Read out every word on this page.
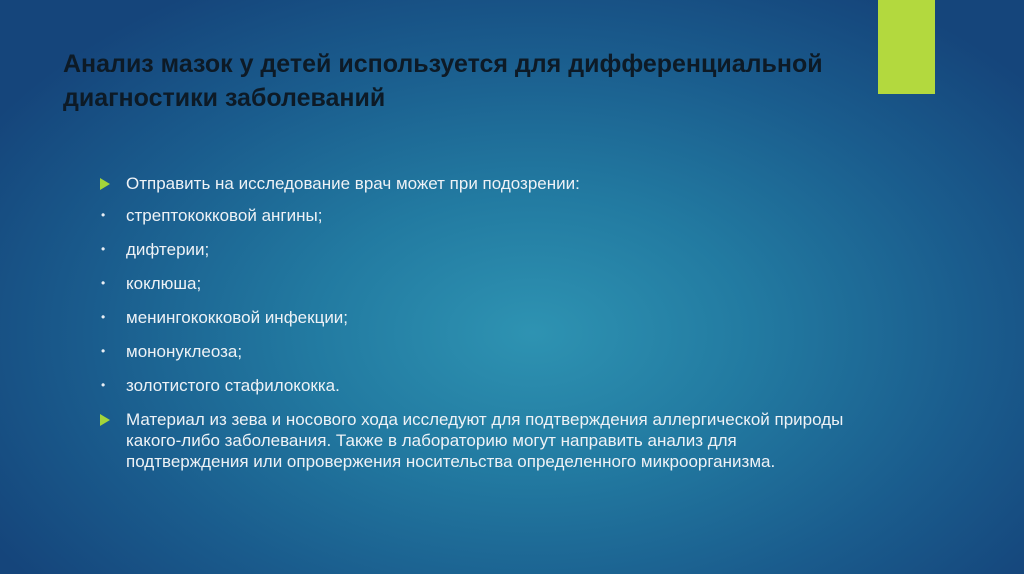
Анализ мазок у детей используется для дифференциальной диагностики заболеваний
Отправить на исследование врач может при подозрении:
• стрептококковой ангины;
• дифтерии;
• коклюша;
• менингококковой инфекции;
• мононуклеоза;
• золотистого стафилококка.
Материал из зева и носового хода исследуют для подтверждения аллергической природы какого-либо заболевания. Также в лабораторию могут направить анализ для подтверждения или опровержения носительства определенного микроорганизма.
